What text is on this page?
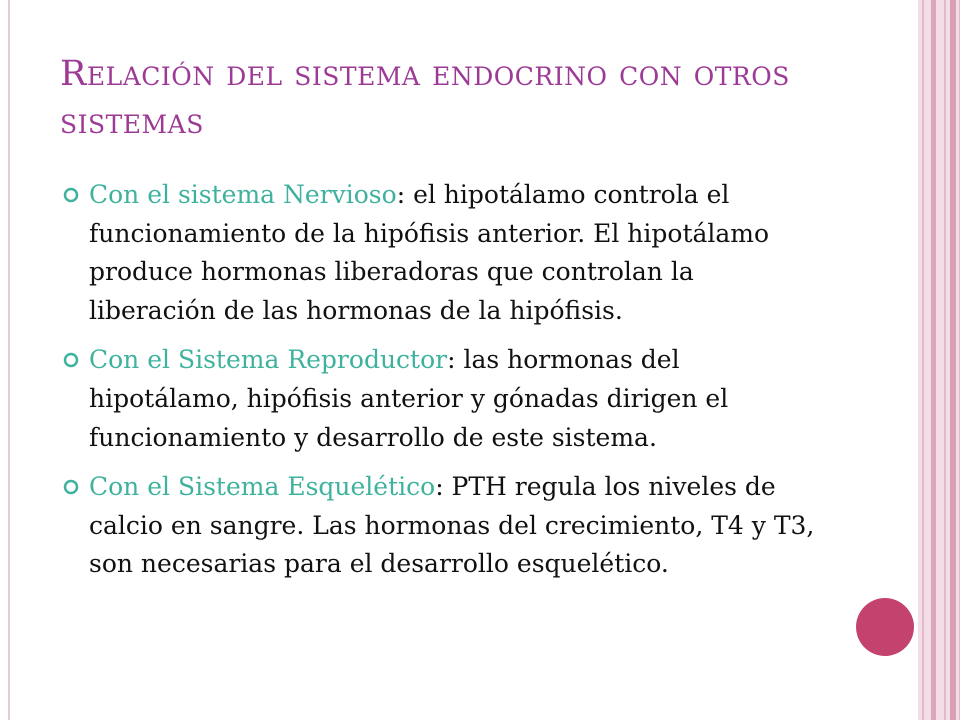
Relación del sistema endocrino con otros sistemas
Con el sistema Nervioso: el hipotálamo controla el funcionamiento de la hipófisis anterior. El hipotálamo produce hormonas liberadoras que controlan la liberación de las hormonas de la hipófisis.
Con el Sistema Reproductor: las hormonas del hipotálamo, hipófisis anterior y gónadas dirigen el funcionamiento y desarrollo de este sistema.
Con el Sistema Esquelético: PTH regula los niveles de calcio en sangre. Las hormonas del crecimiento, T4 y T3, son necesarias para el desarrollo esquelético.
